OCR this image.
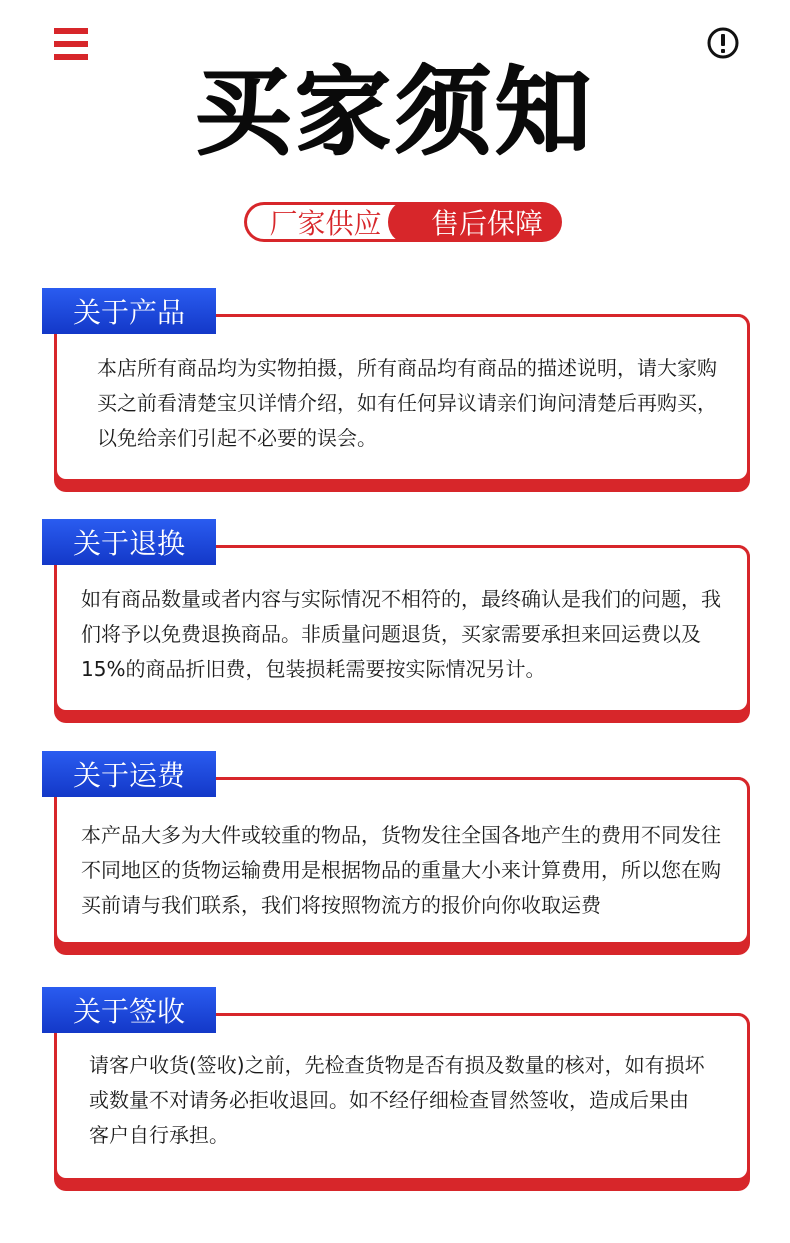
买家须知
厂家供应	售后保障

本店所有商品均为实物拍摄，所有商品均有商品的描述说明，请大家购买之前看清楚宝贝详情介绍，如有任何异议请亲们询问清楚后再购买，以免给亲们引起不必要的误会。

关于产品

如有商品数量或者内容与实际情况不相符的，最终确认是我们的问题，我们将予以免费退换商品。非质量问题退货，买家需要承担来回运费以及15%的商品折旧费，包装损耗需要按实际情况另计。

关于退换

本产品大多为大件或较重的物品，货物发往全国各地产生的费用不同发往不同地区的货物运输费用是根据物品的重量大小来计算费用，所以您在购买前请与我们联系，我们将按照物流方的报价向你收取运费

关于运费

请客户收货(签收)之前，先检查货物是否有损及数量的核对，如有损坏或数量不对请务必拒收退回。如不经仔细检查冒然签收，造成后果由客户自行承担。

关于签收
